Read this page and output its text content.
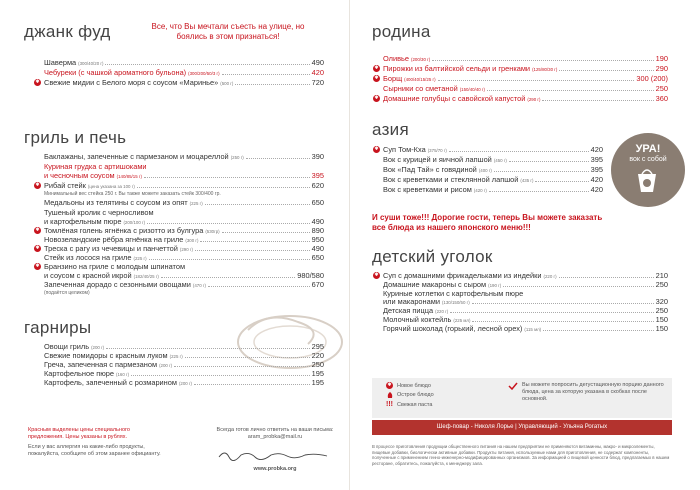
джанк фуд	Все, что Вы мечтали съесть на улице, но боялись в этом признаться!
Шаверма (300/40/20 г)	490
Чебуреки (с чашкой ароматного бульона) (300/200/50/3 г)	420
✱ Свежие мидии с Белого моря с соусом «Маринье» (500 г)	720
гриль и печь
Баклажаны, запеченные с пармезаном и моцареллой (250 г)	390
Куриная грудка с артишоками
и чесночным соусом (140/85/15 г)	395
✱ Рибай стейк (цена указана за 100 г)	620
Минимальный вес стейка 250 г. Вы также можете заказать стейк 300/400 гр.
Медальоны из телятины с соусом из опят (225 г)	650
Тушеный кролик с черносливом
и картофельным пюре (200/100 г)	490
✱ Томлёная голень ягнёнка с ризотто из булгура (530гр)	890
Новозеландские рёбра ягнёнка на гриле (300 г)	950
✱ Треска с рагу из чечевицы и панчеттой (290 г)	490
Стейк из лосося на гриле (225 г)	650
✱ Бранзино на гриле с молодым шпинатом
и соусом с красной икрой (182/40/25 г)	980/580
Запеченная дорадо с сезонными овощами (470 г)	670
(подаётся целиком)
гарниры
Овощи гриль (200 г)	295
Свежие помидоры с красным луком (225 г)	220
Греча, запеченная с пармезаном (200 г)	250
Картофельное пюре (160 г)	195
Картофель, запеченный с розмарином (200 г)	195
Красным выделены цены специального предложения. Цены указаны в рублях.
Если у вас аллергия на какие-либо продукты, пожалуйста, сообщите об этом заранее официанту.
Всегда готов лично ответить на ваши письма: aram_probka@mail.ru
www.probka.org
родина
Оливье (200/30 г)	190
✱ Пирожки из балтийской сельди и гренками (125/80/30 г)	290
✱ Борщ (400/40/15/25 г)	300 (200)
Сырники со сметаной (150/40/40 г)	250
✱ Домашние голубцы с савойской капустой (290 г)	360
азия
✱ Суп Том-Кха (375/70 г)	420
Вок с курицей и яичной лапшой (450 г)	395
Вок «Пад Тай» с говядиной (400 г)	395
Вок с креветками и стеклянной лапшой (435 г)	420
Вок с креветками и рисом (420 г)	420
УРА!
вок с собой
И суши тоже!!! Дорогие гости, теперь Вы можете заказать все блюда из нашего японского меню!!!
детский уголок
✱ Суп с домашними фрикадельками из индейки (220 г)	210
Домашние макароны с сыром (190 г)	250
Куриные котлетки с картофельным пюре
или макаронами (130/150/50 г)	320
Детская пицца (220 г)	250
Молочный коктейль (225 мл)	150
Горячий шоколад (горький, лесной орех) (115 мл)	150
✱ Новое блюдо
Острое блюдо
!!! Свежая паста
Вы можете попросить дегустационную порцию данного блюда, цена за которую указана в скобках после основной.
Шеф-повар - Николя Лорье | Управляющий - Ульяна Рогатых
В процессе приготовления продукции общественного питания на нашем предприятии не применяются витаминны, макро- и микроэлементы, пищевые добавки, биологически активные добавки. Продукты питания, используемые нами для приготовления, не содержат компоненты, полученные с применением генно-инженерно-модифицированных организмов. За информацией о пищевой ценности блюд, предлагаемых в нашем ресторане, обратитесь, пожалуйста, к менеджеру зала.
